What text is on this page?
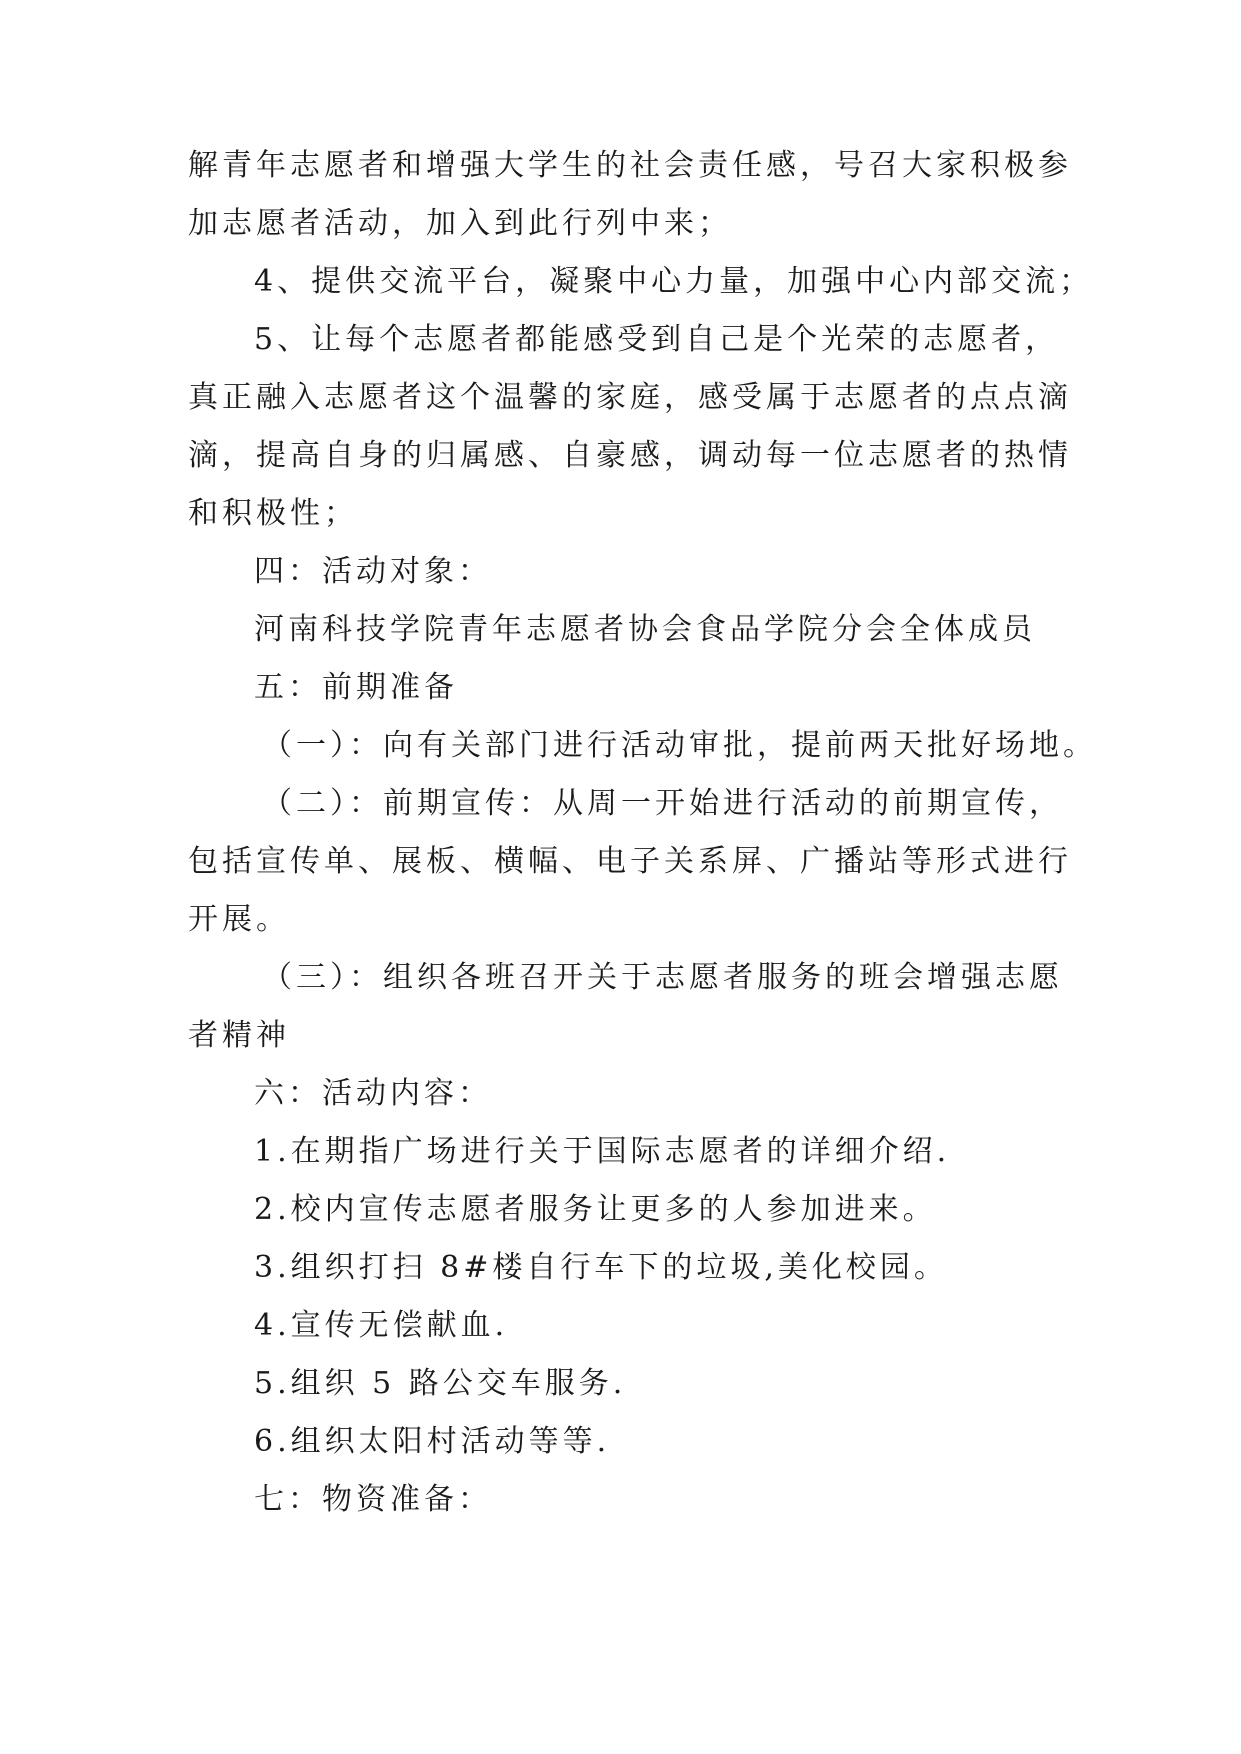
解青年志愿者和增强大学生的社会责任感，号召大家积极参

加志愿者活动，加入到此行列中来；

4、提供交流平台，凝聚中心力量，加强中心内部交流；

5、让每个志愿者都能感受到自己是个光荣的志愿者，

真正融入志愿者这个温馨的家庭，感受属于志愿者的点点滴

滴，提高自身的归属感、自豪感，调动每一位志愿者的热情

和积极性；

四：活动对象：

河南科技学院青年志愿者协会食品学院分会全体成员

五：前期准备

（一）：向有关部门进行活动审批，提前两天批好场地。

（二）：前期宣传：从周一开始进行活动的前期宣传，

包括宣传单、展板、横幅、电子关系屏、广播站等形式进行

开展。

（三）：组织各班召开关于志愿者服务的班会增强志愿

者精神

六：活动内容：

1.在期指广场进行关于国际志愿者的详细介绍.

2.校内宣传志愿者服务让更多的人参加进来。

3.组织打扫 8#楼自行车下的垃圾,美化校园。

4.宣传无偿献血.

5.组织 5 路公交车服务.

6.组织太阳村活动等等.

七：物资准备：
